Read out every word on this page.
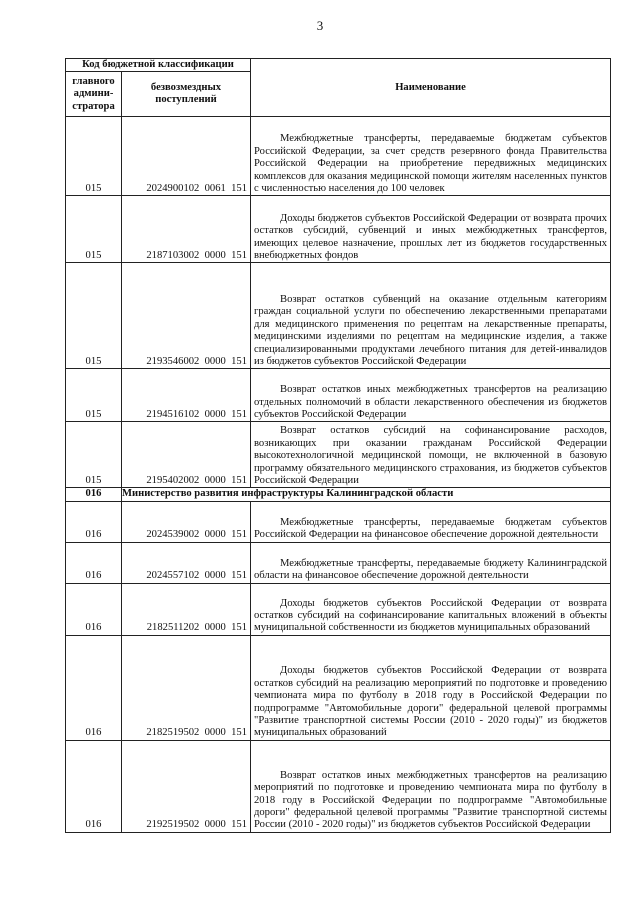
3
Код бюджетной классификации		Наименование
главного админи-стратора	безвозмездных поступлений	
015	2024900102  0061  151	Межбюджетные трансферты, передаваемые бюджетам субъектов Российской Федерации, за счет средств резервного фонда Правительства Российской Федерации на приобретение передвижных медицинских комплексов для оказания медицинской помощи жителям населенных пунктов с численностью населения до 100 человек
015	2187103002  0000  151	Доходы бюджетов субъектов Российской Федерации от возврата прочих остатков субсидий, субвенций и иных межбюджетных трансфертов, имеющих целевое назначение, прошлых лет из бюджетов государственных внебюджетных фондов
015	2193546002  0000  151	Возврат остатков субвенций на оказание отдельным категориям граждан социальной услуги по обеспечению лекарственными препаратами для медицинского применения по рецептам на лекарственные препараты, медицинскими изделиями по рецептам на медицинские изделия, а также специализированными продуктами лечебного питания для детей-инвалидов из бюджетов субъектов Российской Федерации
015	2194516102  0000  151	Возврат остатков иных межбюджетных трансфертов на реализацию отдельных полномочий в области лекарственного обеспечения из бюджетов субъектов Российской Федерации
015	2195402002  0000  151	Возврат остатков субсидий на софинансирование расходов, возникающих при оказании гражданам Российской Федерации высокотехнологичной медицинской помощи, не включенной в базовую программу обязательного медицинского страхования, из бюджетов субъектов Российской Федерации
016	Министерство развития инфраструктуры Калининградской области	
016	2024539002  0000  151	Межбюджетные трансферты, передаваемые бюджетам субъектов Российской Федерации на финансовое обеспечение дорожной деятельности
016	2024557102  0000  151	Межбюджетные трансферты, передаваемые бюджету Калининградской области на финансовое обеспечение дорожной деятельности
016	2182511202  0000  151	Доходы бюджетов субъектов Российской Федерации от возврата остатков субсидий на софинансирование капитальных вложений в объекты муниципальной собственности из бюджетов муниципальных образований
016	2182519502  0000  151	Доходы бюджетов субъектов Российской Федерации от возврата остатков субсидий на реализацию мероприятий по подготовке и проведению чемпионата мира по футболу в 2018 году в Российской Федерации по подпрограмме "Автомобильные дороги" федеральной целевой программы "Развитие транспортной системы России (2010 - 2020 годы)" из бюджетов муниципальных образований
016	2192519502  0000  151	Возврат остатков иных межбюджетных трансфертов на реализацию мероприятий по подготовке и проведению чемпионата мира по футболу в 2018 году в Российской Федерации по подпрограмме "Автомобильные дороги" федеральной целевой программы "Развитие транспортной системы России (2010 - 2020 годы)" из бюджетов субъектов Российской Федерации
